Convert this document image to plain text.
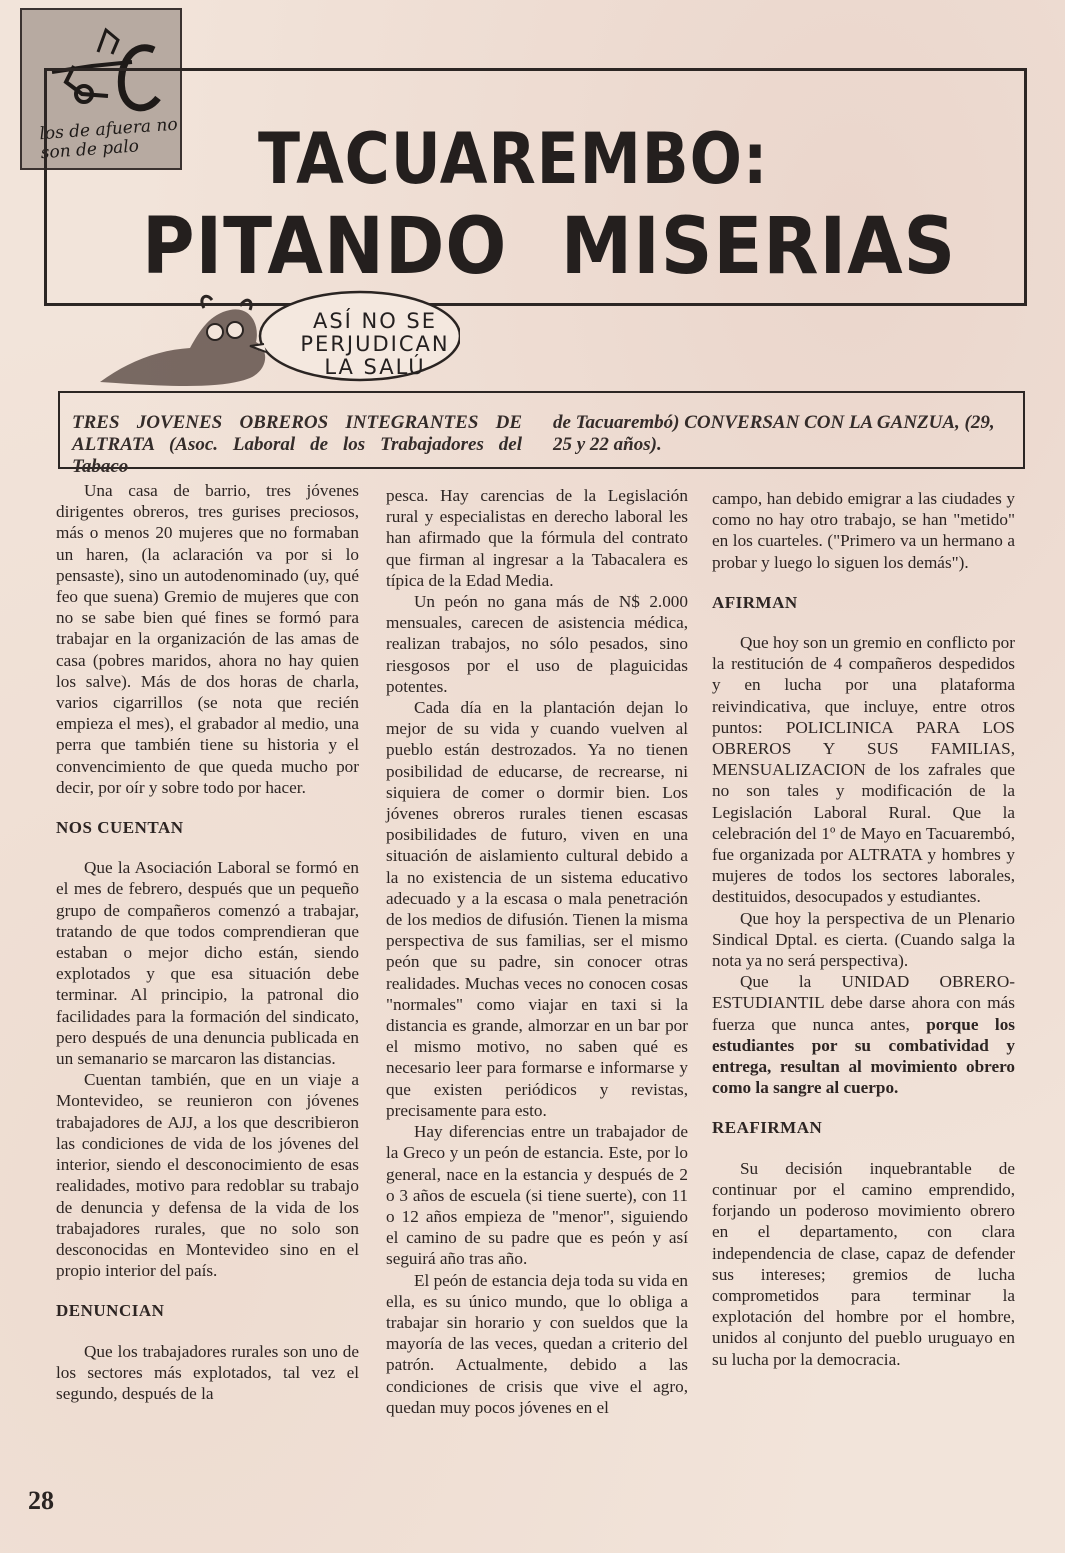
los de afuera no son de palo	TACUAREMBO:
PITANDO MISERIAS
ASÍ NO SE
PERJUDICAN
LA SALÚ
TRES JOVENES OBREROS INTEGRANTES DE ALTRATA (Asoc. Laboral de los Trabajadores del Tabaco
de Tacuarembó) CONVERSAN CON LA GANZUA, (29, 25 y 22 años).

Una casa de barrio, tres jóvenes dirigentes obreros, tres gurises preciosos, más o menos 20 mujeres que no formaban un haren, (la aclaración va por si lo pensaste), sino un autodenominado (uy, qué feo que suena) Gremio de mujeres que con no se sabe bien qué fines se formó para trabajar en la organización de las amas de casa (pobres maridos, ahora no hay quien los salve). Más de dos horas de charla, varios cigarrillos (se nota que recién empieza el mes), el grabador al medio, una perra que también tiene su historia y el convencimiento de que queda mucho por decir, por oír y sobre todo por hacer.

NOS CUENTAN

Que la Asociación Laboral se formó en el mes de febrero, después que un pequeño grupo de compañeros comenzó a trabajar, tratando de que todos comprendieran que estaban o mejor dicho están, siendo explotados y que esa situación debe terminar. Al principio, la patronal dio facilidades para la formación del sindicato, pero después de una denuncia publicada en un semanario se marcaron las distancias.

Cuentan también, que en un viaje a Montevideo, se reunieron con jóvenes trabajadores de AJJ, a los que describieron las condiciones de vida de los jóvenes del interior, siendo el desconocimiento de esas realidades, motivo para redoblar su trabajo de denuncia y defensa de la vida de los trabajadores rurales, que no solo son desconocidas en Montevideo sino en el propio interior del país.

DENUNCIAN

Que los trabajadores rurales son uno de los sectores más explotados, tal vez el segundo, después de la

pesca. Hay carencias de la Legislación rural y especialistas en derecho laboral les han afirmado que la fórmula del contrato que firman al ingresar a la Tabacalera es típica de la Edad Media.

Un peón no gana más de N$ 2.000 mensuales, carecen de asistencia médica, realizan trabajos, no sólo pesados, sino riesgosos por el uso de plaguicidas potentes.

Cada día en la plantación dejan lo mejor de su vida y cuando vuelven al pueblo están destrozados. Ya no tienen posibilidad de educarse, de recrearse, ni siquiera de comer o dormir bien. Los jóvenes obreros rurales tienen escasas posibilidades de futuro, viven en una situación de aislamiento cultural debido a la no existencia de un sistema educativo adecuado y a la escasa o mala penetración de los medios de difusión. Tienen la misma perspectiva de sus familias, ser el mismo peón que su padre, sin conocer otras realidades. Muchas veces no conocen cosas "normales" como viajar en taxi si la distancia es grande, almorzar en un bar por el mismo motivo, no saben qué es necesario leer para formarse e informarse y que existen periódicos y revistas, precisamente para esto.

Hay diferencias entre un trabajador de la Greco y un peón de estancia. Este, por lo general, nace en la estancia y después de 2 o 3 años de escuela (si tiene suerte), con 11 o 12 años empieza de "menor", siguiendo el camino de su padre que es peón y así seguirá año tras año.

El peón de estancia deja toda su vida en ella, es su único mundo, que lo obliga a trabajar sin horario y con sueldos que la mayoría de las veces, quedan a criterio del patrón. Actualmente, debido a las condiciones de crisis que vive el agro, quedan muy pocos jóvenes en el

campo, han debido emigrar a las ciudades y como no hay otro trabajo, se han "metido" en los cuarteles. ("Primero va un hermano a probar y luego lo siguen los demás").

AFIRMAN

Que hoy son un gremio en conflicto por la restitución de 4 compañeros despedidos y en lucha por una plataforma reivindicativa, que incluye, entre otros puntos: POLICLINICA PARA LOS OBREROS Y SUS FAMILIAS, MENSUALIZACION de los zafrales que no son tales y modificación de la Legislación Laboral Rural. Que la celebración del 1º de Mayo en Tacuarembó, fue organizada por ALTRATA y hombres y mujeres de todos los sectores laborales, destituidos, desocupados y estudiantes.

Que hoy la perspectiva de un Plenario Sindical Dptal. es cierta. (Cuando salga la nota ya no será perspectiva).

Que la UNIDAD OBRERO-ESTUDIANTIL debe darse ahora con más fuerza que nunca antes, porque los estudiantes por su combatividad y entrega, resultan al movimiento obrero como la sangre al cuerpo.

REAFIRMAN

Su decisión inquebrantable de continuar por el camino emprendido, forjando un poderoso movimiento obrero en el departamento, con clara independencia de clase, capaz de defender sus intereses; gremios de lucha comprometidos para terminar la explotación del hombre por el hombre, unidos al conjunto del pueblo uruguayo en su lucha por la democracia.

28
